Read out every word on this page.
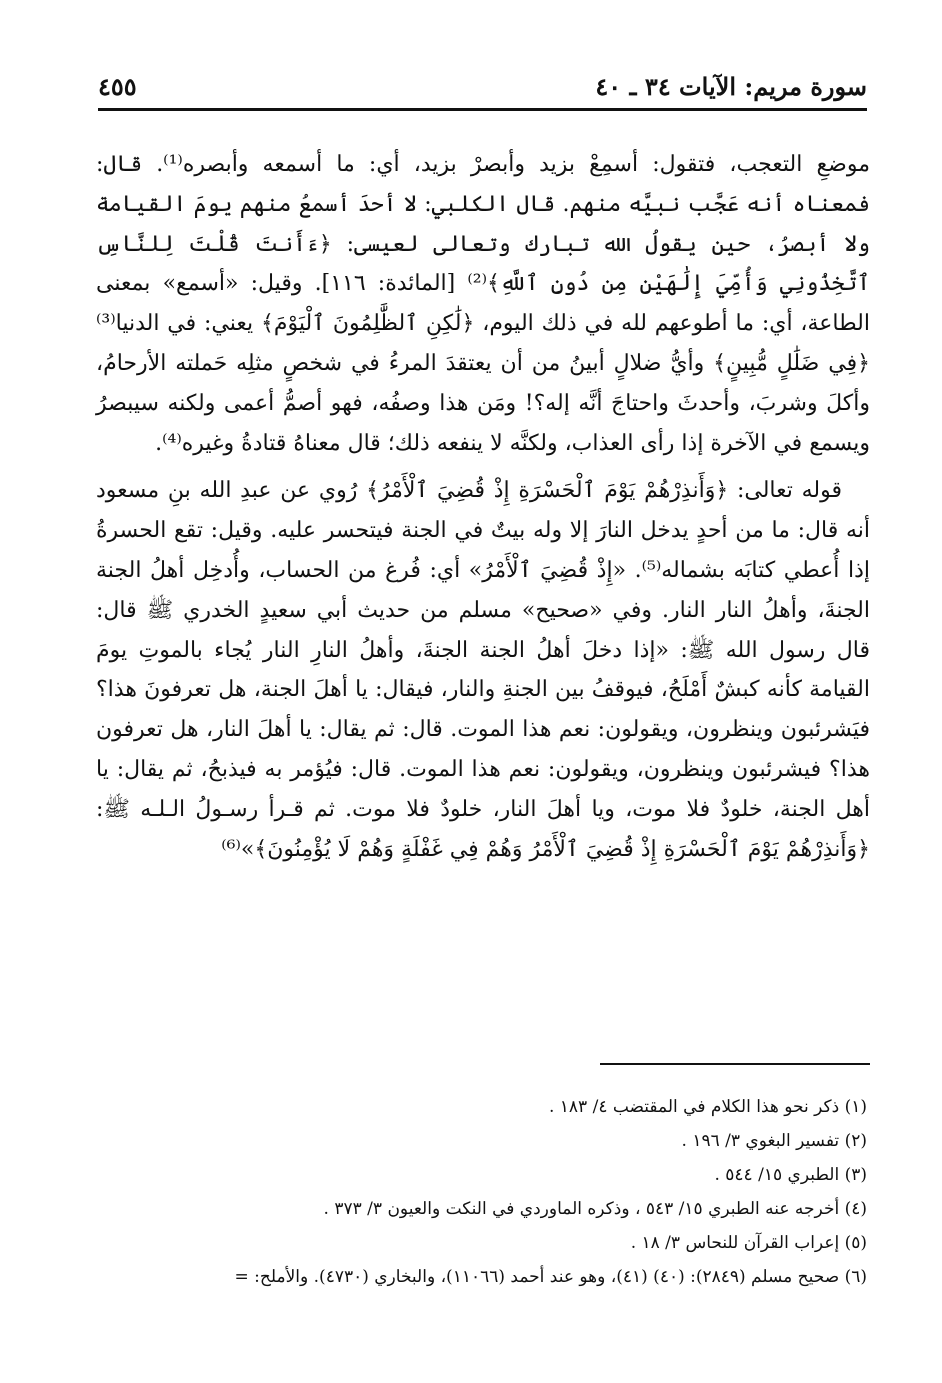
سورة مريم: الآيات ٣٤ ـ ٤٠
٤٥٥

موضعِ التعجب، فتقول: أسمِعْ بزيد وأبصرْ بزيد، أي: ما أسمعه وأبصره⁽¹⁾. قال: فمعناه أنه عَجَّب نبيَّه منهم. قال الكلبي: لا أحدَ أسمعُ منهم يومَ القيامة ولا أبصرُ، حين يقولُ الله تبارك وتعالى لعيسى: ﴿ءَأَنتَ قُلْتَ لِلنَّاسِ ٱتَّخِذُونِي وَأُمِّيَ إِلَٰهَيْنِ مِن دُونِ ٱللَّهِ﴾⁽²⁾ [المائدة: ١١٦]. وقيل: «أسمع» بمعنى الطاعة، أي: ما أطوعهم لله في ذلك اليوم، ﴿لَٰكِنِ ٱلظَّٰلِمُونَ ٱلْيَوْمَ﴾ يعني: في الدنيا⁽³⁾ ﴿فِي ضَلَٰلٍ مُّبِينٍ﴾ وأيُّ ضلالٍ أبينُ من أن يعتقدَ المرءُ في شخصٍ مثلِه حَملته الأرحامُ، وأكلَ وشربَ، وأحدثَ واحتاجَ أنَّه إله؟! ومَن هذا وصفُه، فهو أصمُّ أعمى ولكنه سيبصرُ ويسمع في الآخرة إذا رأى العذاب، ولكنَّه لا ينفعه ذلك؛ قال معناهُ قتادةُ وغيره⁽⁴⁾.

قوله تعالى: ﴿وَأَنذِرْهُمْ يَوْمَ ٱلْحَسْرَةِ إِذْ قُضِيَ ٱلْأَمْرُ﴾ رُوي عن عبدِ الله بنِ مسعود أنه قال: ما من أحدٍ يدخل النارَ إلا وله بيتٌ في الجنة فيتحسر عليه. وقيل: تقع الحسرةُ إذا أُعطي كتابَه بشماله⁽⁵⁾. «إِذْ قُضِيَ ٱلْأَمْرُ» أي: فُرغ من الحساب، وأُدخِل أهلُ الجنة الجنةَ، وأهلُ النار النار. وفي «صحيح» مسلم من حديث أبي سعيدٍ الخدري ﷺ قال: قال رسول الله ﷺ: «إذا دخلَ أهلُ الجنة الجنةَ، وأهلُ النارِ النار يُجاء بالموتِ يومَ القيامة كأنه كبشٌ أَمْلَحُ، فيوقفُ بين الجنةِ والنار، فيقال: يا أهلَ الجنة، هل تعرفونَ هذا؟ فيَشرئبون وينظرون، ويقولون: نعم هذا الموت. قال: ثم يقال: يا أهلَ النار، هل تعرفون هذا؟ فيشرئبون وينظرون، ويقولون: نعم هذا الموت. قال: فيُؤمر به فيذبحُ، ثم يقال: يا أهل الجنة، خلودٌ فلا موت، ويا أهلَ النار، خلودٌ فلا موت. ثم قـرأ رسـولُ الـلـه ﷺ: ﴿وَأَنذِرْهُمْ يَوْمَ ٱلْحَسْرَةِ إِذْ قُضِيَ ٱلْأَمْرُ وَهُمْ فِي غَفْلَةٍ وَهُمْ لَا يُؤْمِنُونَ﴾»⁽⁶⁾

(١) ذكر نحو هذا الكلام في المقتضب ٤/ ١٨٣ .
(٢) تفسير البغوي ٣/ ١٩٦ .
(٣) الطبري ١٥/ ٥٤٤ .
(٤) أخرجه عنه الطبري ١٥/ ٥٤٣ ، وذكره الماوردي في النكت والعيون ٣/ ٣٧٣ .
(٥) إعراب القرآن للنحاس ٣/ ١٨ .
(٦) صحيح مسلم (٢٨٤٩): (٤٠) (٤١)، وهو عند أحمد (١١٠٦٦)، والبخاري (٤٧٣٠). والأملح: =
